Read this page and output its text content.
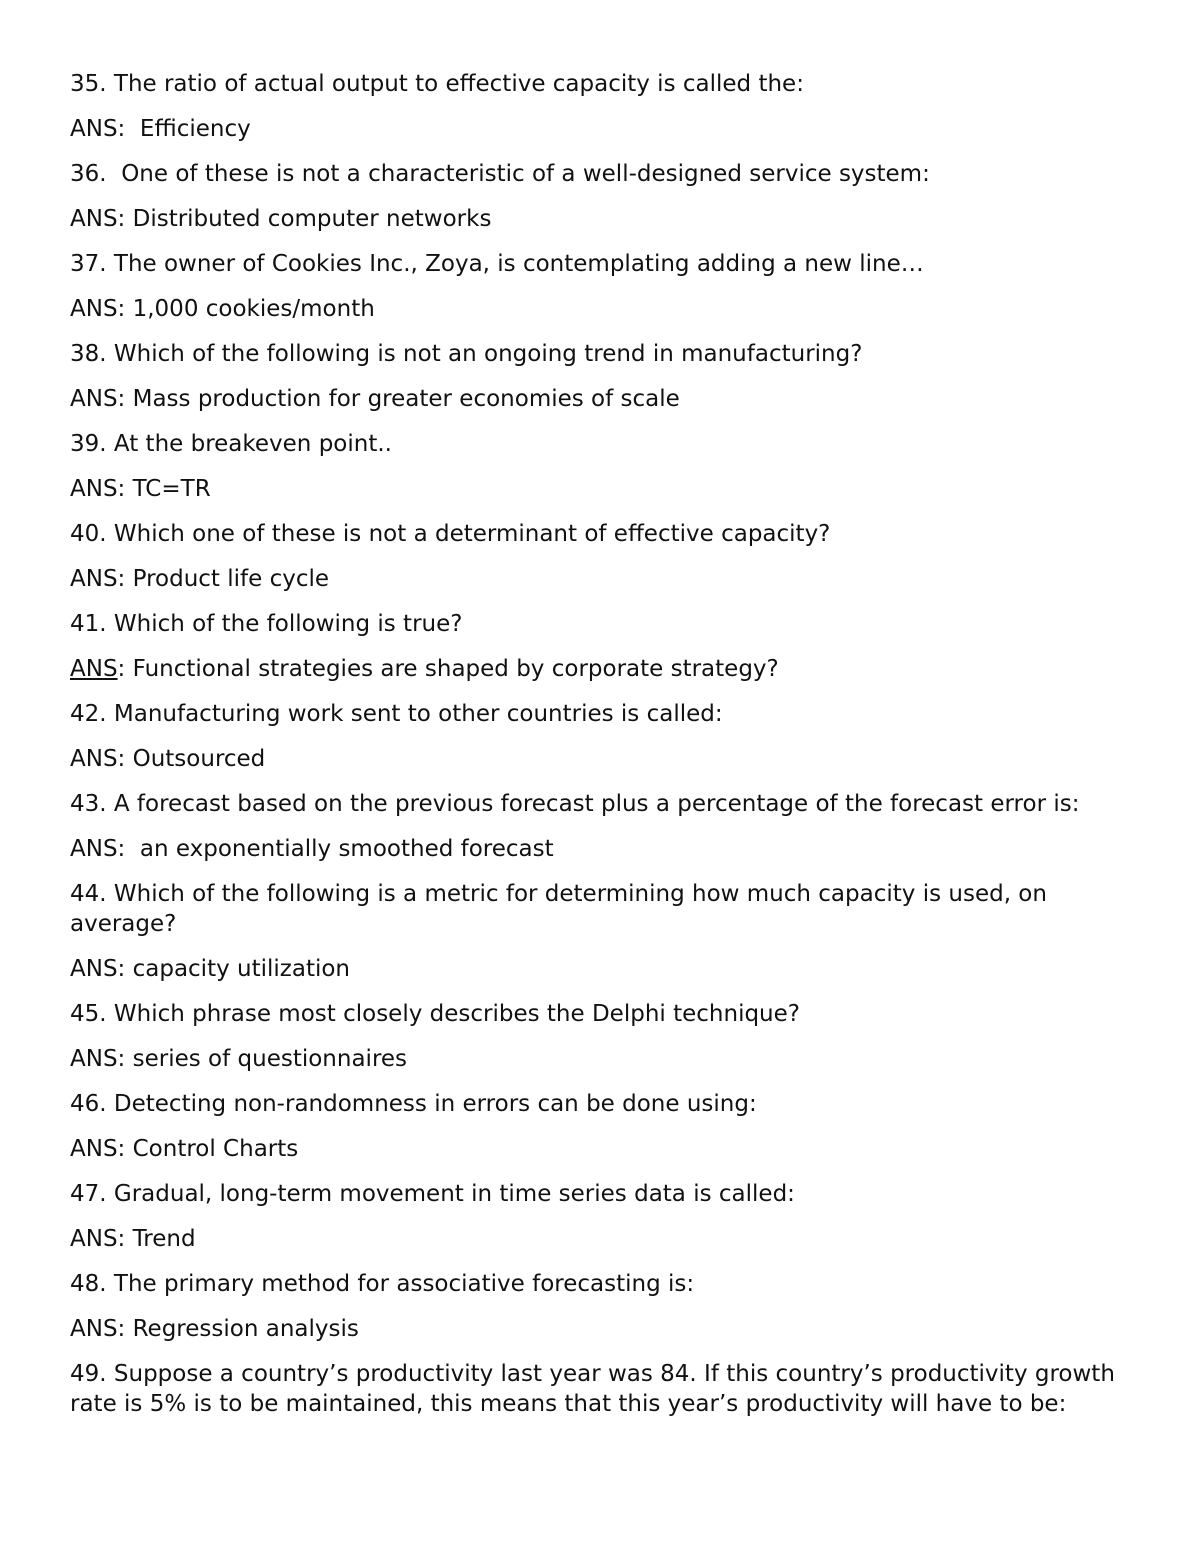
35. The ratio of actual output to effective capacity is called the:
ANS:  Efficiency
36.  One of these is not a characteristic of a well-designed service system:
ANS: Distributed computer networks
37. The owner of Cookies Inc., Zoya, is contemplating adding a new line…
ANS: 1,000 cookies/month
38. Which of the following is not an ongoing trend in manufacturing?
ANS: Mass production for greater economies of scale
39. At the breakeven point..
ANS: TC=TR
40. Which one of these is not a determinant of effective capacity?
ANS: Product life cycle
41. Which of the following is true?
ANS: Functional strategies are shaped by corporate strategy?
42. Manufacturing work sent to other countries is called:
ANS: Outsourced
43. A forecast based on the previous forecast plus a percentage of the forecast error is:
ANS:  an exponentially smoothed forecast
44. Which of the following is a metric for determining how much capacity is used, on average?
ANS: capacity utilization
45. Which phrase most closely describes the Delphi technique?
ANS: series of questionnaires
46. Detecting non-randomness in errors can be done using:
ANS: Control Charts
47. Gradual, long-term movement in time series data is called:
ANS: Trend
48. The primary method for associative forecasting is:
ANS: Regression analysis
49. Suppose a country’s productivity last year was 84. If this country’s productivity growth rate is 5% is to be maintained, this means that this year’s productivity will have to be:
